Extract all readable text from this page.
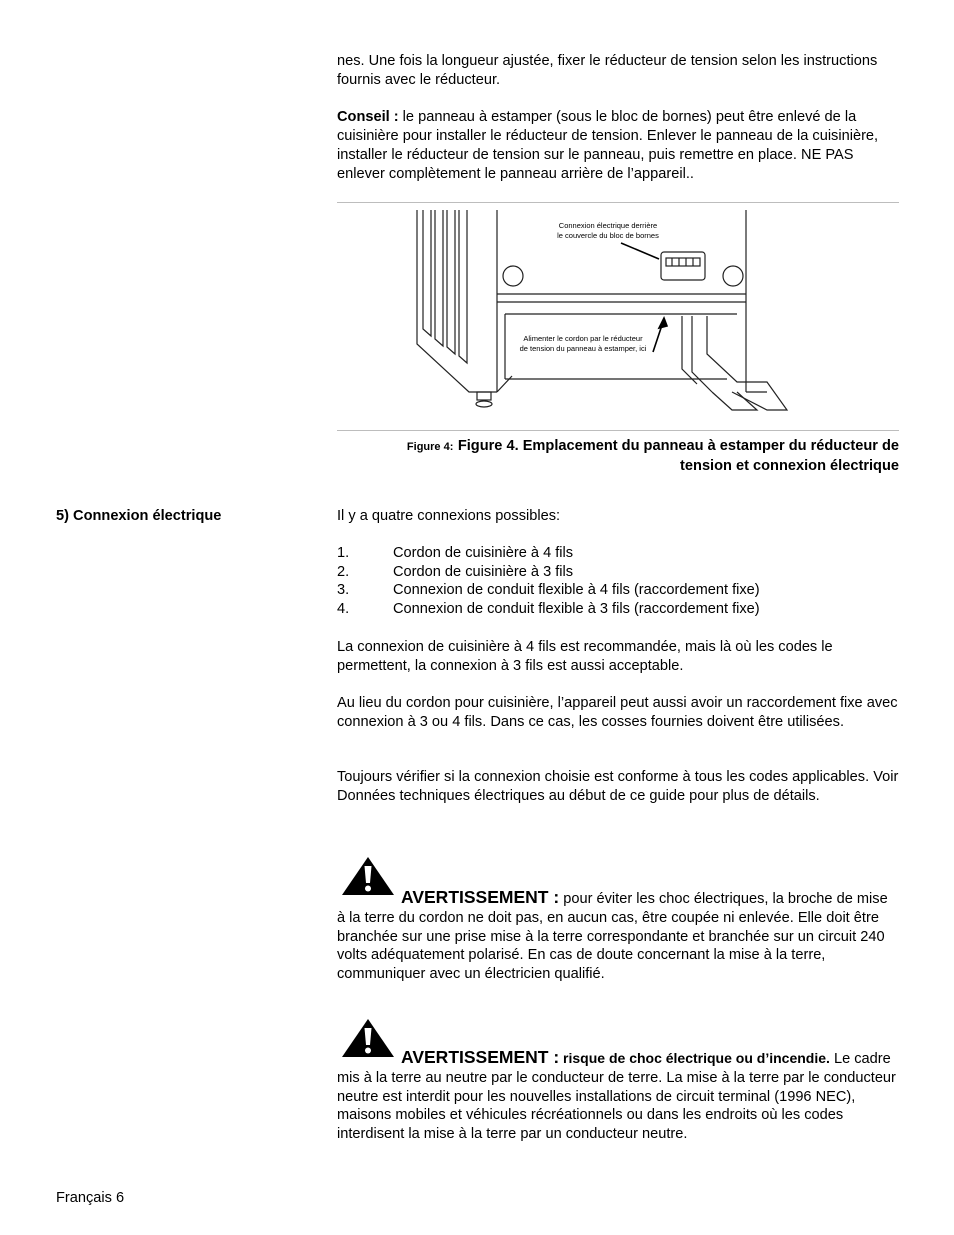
nes. Une fois la longueur ajustée, fixer le réducteur de tension selon les instructions fournis avec le réducteur.

Conseil : le panneau à estamper (sous le bloc de bornes) peut être enlevé de la cuisinière pour installer le réducteur de tension. Enlever le panneau de la cuisinière, installer le réducteur de tension sur le panneau, puis remettre en place. NE PAS enlever complètement le panneau arrière de l’appareil..

Connexion électrique derrière
le couvercle du bloc de bornes
Alimenter le cordon par le réducteur
de tension du panneau à estamper, ici
Figure 4: Figure 4. Emplacement du panneau à estamper du réducteur de
tension et connexion électrique
5) Connexion électrique	Il y a quatre connexions possibles:
1.	Cordon de cuisinière à 4 fils
2.	Cordon de cuisinière à 3 fils
3.	Connexion de conduit flexible à 4 fils (raccordement fixe)
4.	Connexion de conduit flexible à 3 fils (raccordement fixe)
La connexion de cuisinière à 4 fils est recommandée, mais là où les codes le permettent, la connexion à 3 fils est aussi acceptable.
Au lieu du cordon pour cuisinière, l’appareil peut aussi avoir un raccordement fixe avec connexion à 3 ou 4 fils. Dans ce cas, les cosses fournies doivent être utilisées.
Toujours vérifier si la connexion choisie est conforme à tous les codes applicables. Voir Données techniques électriques au début de ce guide pour plus de détails.
AVERTISSEMENT : pour éviter les choc électriques, la broche de mise à la terre du cordon ne doit pas, en aucun cas, être coupée ni enlevée. Elle doit être branchée sur une prise mise à la terre correspondante et branchée sur un circuit 240 volts adéquatement polarisé. En cas de doute concernant la mise à la terre, communiquer avec un électricien qualifié.
AVERTISSEMENT : risque de choc électrique ou d’incendie. Le cadre mis à la terre au neutre par le conducteur de terre. La mise à la terre par le conducteur neutre est interdit pour les nouvelles installations de circuit terminal (1996 NEC), maisons mobiles et véhicules récréationnels ou dans les endroits où les codes interdisent la mise à la terre par un conducteur neutre.
Français 6
